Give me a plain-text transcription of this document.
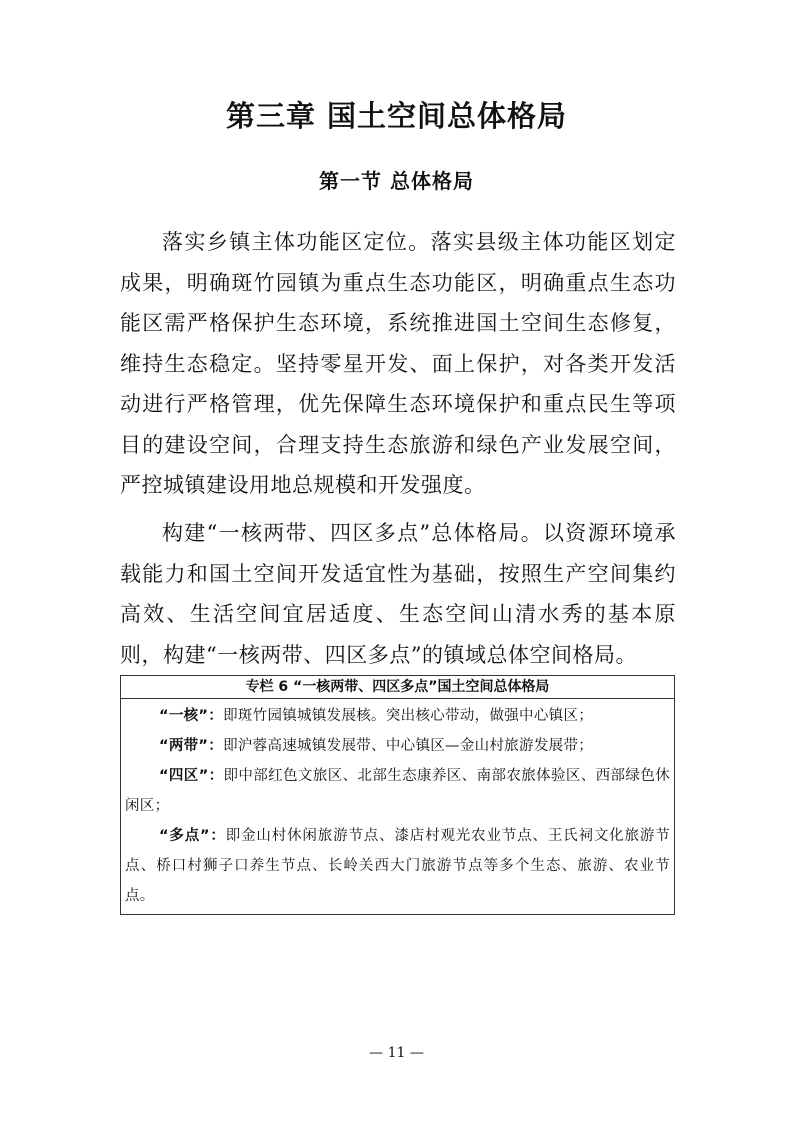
第三章 国土空间总体格局
第一节 总体格局

落实乡镇主体功能区定位。落实县级主体功能区划定成果，明确斑竹园镇为重点生态功能区，明确重点生态功能区需严格保护生态环境，系统推进国土空间生态修复，维持生态稳定。坚持零星开发、面上保护，对各类开发活动进行严格管理，优先保障生态环境保护和重点民生等项目的建设空间，合理支持生态旅游和绿色产业发展空间，严控城镇建设用地总规模和开发强度。

构建“一核两带、四区多点”总体格局。以资源环境承载能力和国土空间开发适宜性为基础，按照生产空间集约高效、生活空间宜居适度、生态空间山清水秀的基本原则，构建“一核两带、四区多点”的镇域总体空间格局。

专栏 6 “一核两带、四区多点”国土空间总体格局

“一核”：即斑竹园镇城镇发展核。突出核心带动，做强中心镇区；

“两带”：即沪蓉高速城镇发展带、中心镇区—金山村旅游发展带；

“四区”：即中部红色文旅区、北部生态康养区、南部农旅体验区、西部绿色休闲区；

“多点”：即金山村休闲旅游节点、漆店村观光农业节点、王氏祠文化旅游节点、桥口村狮子口养生节点、长岭关西大门旅游节点等多个生态、旅游、农业节点。

— 11 —
